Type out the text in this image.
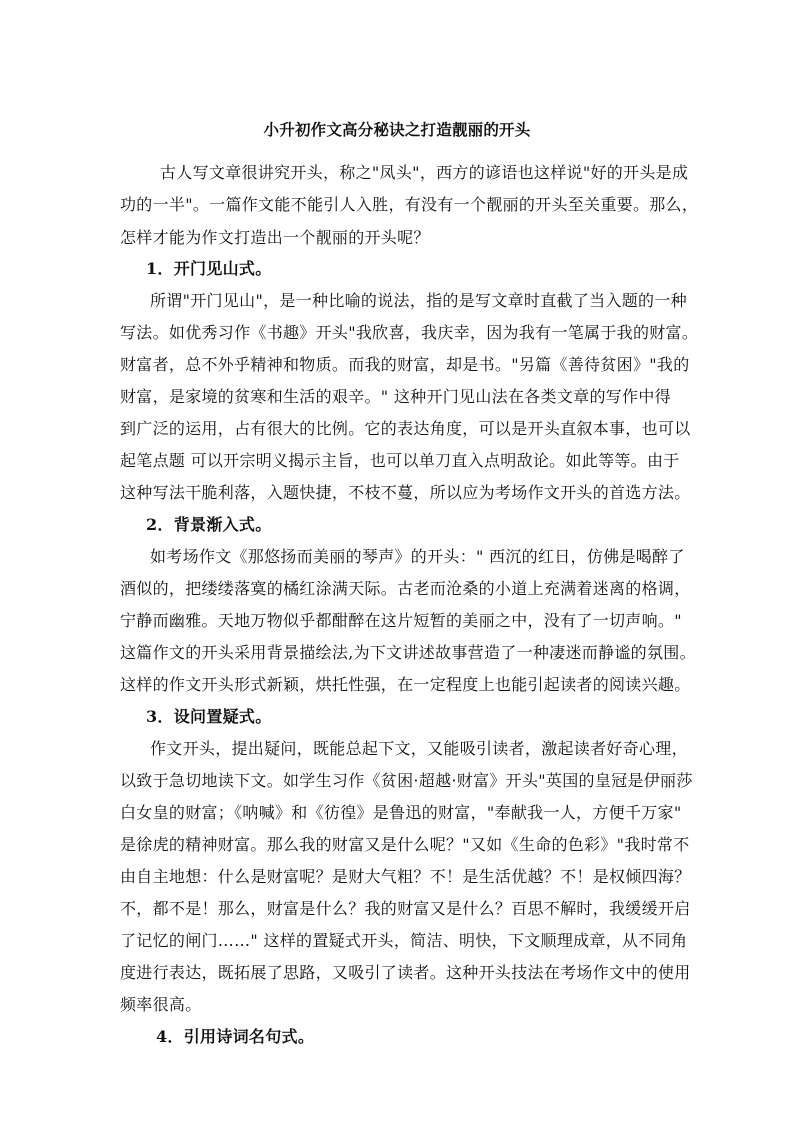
小升初作文高分秘诀之打造靓丽的开头
古人写文章很讲究开头，称之"凤头"，西方的谚语也这样说"好的开头是成
功的一半"。一篇作文能不能引人入胜，有没有一个靓丽的开头至关重要。那么，
怎样才能为作文打造出一个靓丽的开头呢？
1．开门见山式。
所谓"开门见山"，是一种比喻的说法，指的是写文章时直截了当入题的一种
写法。如优秀习作《书趣》开头"我欣喜，我庆幸，因为我有一笔属于我的财富。
财富者，总不外乎精神和物质。而我的财富，却是书。"另篇《善待贫困》"我的
财富，是家境的贫寒和生活的艰辛。" 这种开门见山法在各类文章的写作中得
到广泛的运用，占有很大的比例。它的表达角度，可以是开头直叙本事，也可以
起笔点题 可以开宗明义揭示主旨，也可以单刀直入点明敌论。如此等等。由于
这种写法干脆利落，入题快捷，不枝不蔓，所以应为考场作文开头的首选方法。
2．背景渐入式。
如考场作文《那悠扬而美丽的琴声》的开头：" 西沉的红日，仿佛是喝醉了
酒似的，把缕缕落寞的橘红涂满天际。古老而沧桑的小道上充满着迷离的格调，
宁静而幽雅。天地万物似乎都酣醉在这片短暂的美丽之中，没有了一切声响。"
这篇作文的开头采用背景描绘法,为下文讲述故事营造了一种凄迷而静谧的氛围。
这样的作文开头形式新颖，烘托性强，在一定程度上也能引起读者的阅读兴趣。
3．设问置疑式。
作文开头，提出疑问，既能总起下文，又能吸引读者，激起读者好奇心理，
以致于急切地读下文。如学生习作《贫困·超越·财富》开头"英国的皇冠是伊丽莎
白女皇的财富；《呐喊》和《彷徨》是鲁迅的财富，"奉献我一人，方便千万家"
是徐虎的精神财富。那么我的财富又是什么呢？"又如《生命的色彩》"我时常不
由自主地想：什么是财富呢？是财大气粗？不！是生活优越？不！是权倾四海？
不，都不是！那么，财富是什么？我的财富又是什么？百思不解时，我缓缓开启
了记忆的闸门……" 这样的置疑式开头，简洁、明快，下文顺理成章，从不同角
度进行表达，既拓展了思路，又吸引了读者。这种开头技法在考场作文中的使用
频率很高。
4．引用诗词名句式。
